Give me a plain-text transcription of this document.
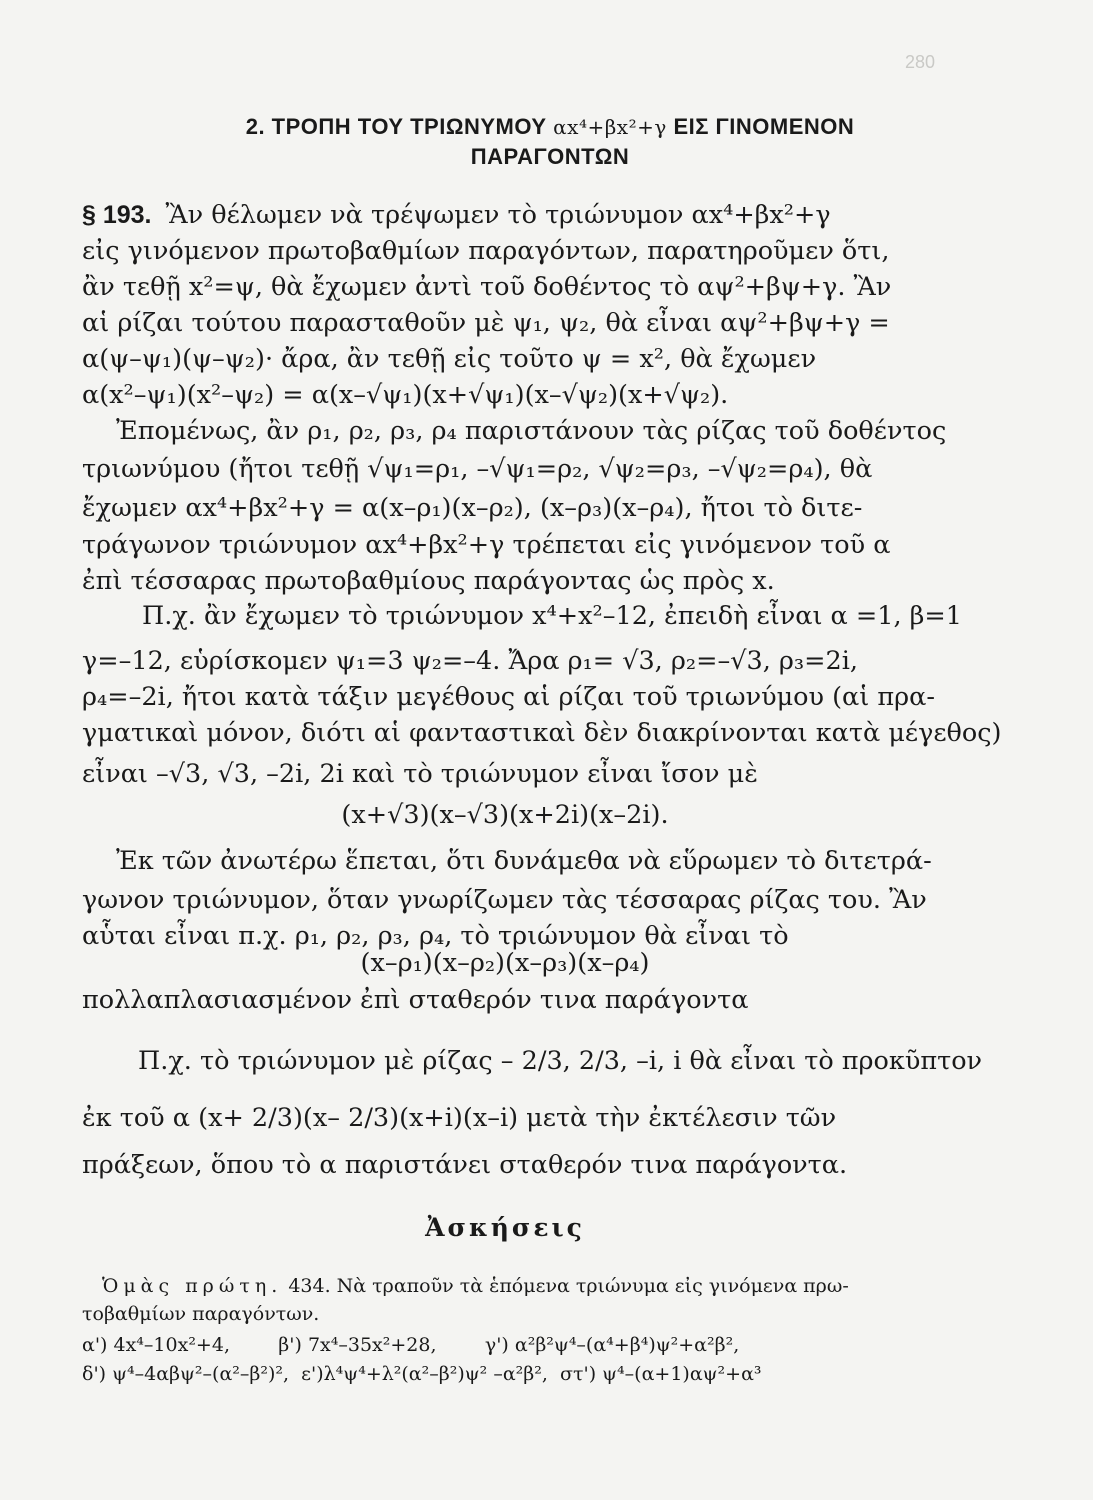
280
2. ΤΡΟΠΗ ΤΟΥ ΤΡΙΩΝΥΜΟΥ αx⁴+βx²+γ ΕΙΣ ΓΙΝΟΜΕΝΟΝ
ΠΑΡΑΓΟΝΤΩΝ
§ 193. Ἂν θέλωμεν νὰ τρέψωμεν τὸ τριώνυμον αx⁴+βx²+γ
εἰς γινόμενον πρωτοβαθμίων παραγόντων, παρατηροῦμεν ὅτι,
ἂν τεθῇ x²=ψ, θὰ ἔχωμεν ἀντὶ τοῦ δοθέντος τὸ αψ²+βψ+γ. Ἂν
αἱ ρίζαι τούτου παρασταθοῦν μὲ ψ₁, ψ₂, θὰ εἶναι αψ²+βψ+γ =
α(ψ–ψ₁)(ψ–ψ₂)· ἄρα, ἂν τεθῇ εἰς τοῦτο ψ = x², θὰ ἔχωμεν
α(x²–ψ₁)(x²–ψ₂) = α(x–√ψ₁)(x+√ψ₁)(x–√ψ₂)(x+√ψ₂).
Ἐπομένως, ἂν ρ₁, ρ₂, ρ₃, ρ₄ παριστάνουν τὰς ρίζας τοῦ δοθέντος
τριωνύμου (ἤτοι τεθῇ √ψ₁=ρ₁, –√ψ₁=ρ₂, √ψ₂=ρ₃, –√ψ₂=ρ₄), θὰ
ἔχωμεν αx⁴+βx²+γ = α(x–ρ₁)(x–ρ₂), (x–ρ₃)(x–ρ₄), ἤτοι τὸ διτε-
τράγωνον τριώνυμον αx⁴+βx²+γ τρέπεται εἰς γινόμενον τοῦ α
ἐπὶ τέσσαρας πρωτοβαθμίους παράγοντας ὡς πρὸς x.
Π.χ. ἂν ἔχωμεν τὸ τριώνυμον x⁴+x²–12, ἐπειδὴ εἶναι α =1, β=1
γ=–12, εὑρίσκομεν ψ₁=3 ψ₂=–4. Ἄρα ρ₁= √3, ρ₂=–√3, ρ₃=2i,
ρ₄=–2i, ἤτοι κατὰ τάξιν μεγέθους αἱ ρίζαι τοῦ τριωνύμου (αἱ πρα-
γματικαὶ μόνον, διότι αἱ φανταστικαὶ δὲν διακρίνονται κατὰ μέγεθος)
εἶναι –√3, √3, –2i, 2i καὶ τὸ τριώνυμον εἶναι ἴσον μὲ
(x+√3)(x–√3)(x+2i)(x–2i).
Ἐκ τῶν ἀνωτέρω ἕπεται, ὅτι δυνάμεθα νὰ εὕρωμεν τὸ διτετρά-
γωνον τριώνυμον, ὅταν γνωρίζωμεν τὰς τέσσαρας ρίζας του. Ἂν
αὗται εἶναι π.χ. ρ₁, ρ₂, ρ₃, ρ₄, τὸ τριώνυμον θὰ εἶναι τὸ
(x–ρ₁)(x–ρ₂)(x–ρ₃)(x–ρ₄)
πολλαπλασιασμένον ἐπὶ σταθερόν τινα παράγοντα
Π.χ. τὸ τριώνυμον μὲ ρίζας – 2/3, 2/3, –i, i θὰ εἶναι τὸ προκῦπτον
ἐκ τοῦ α (x+ 2/3)(x– 2/3)(x+i)(x–i) μετὰ τὴν ἐκτέλεσιν τῶν
πράξεων, ὅπου τὸ α παριστάνει σταθερόν τινα παράγοντα.
Ἀσκήσεις
Ὁμὰς πρώτη. 434. Νὰ τραποῦν τὰ ἑπόμενα τριώνυμα εἰς γινόμενα πρω-
τοβαθμίων παραγόντων.
α') 4x⁴–10x²+4,        β') 7x⁴–35x²+28,        γ') α²β²ψ⁴–(α⁴+β⁴)ψ²+α²β²,
δ') ψ⁴–4αβψ²–(α²–β²)²,  ε')λ⁴ψ⁴+λ²(α²–β²)ψ² –α²β²,  στ') ψ⁴–(α+1)αψ²+α³
